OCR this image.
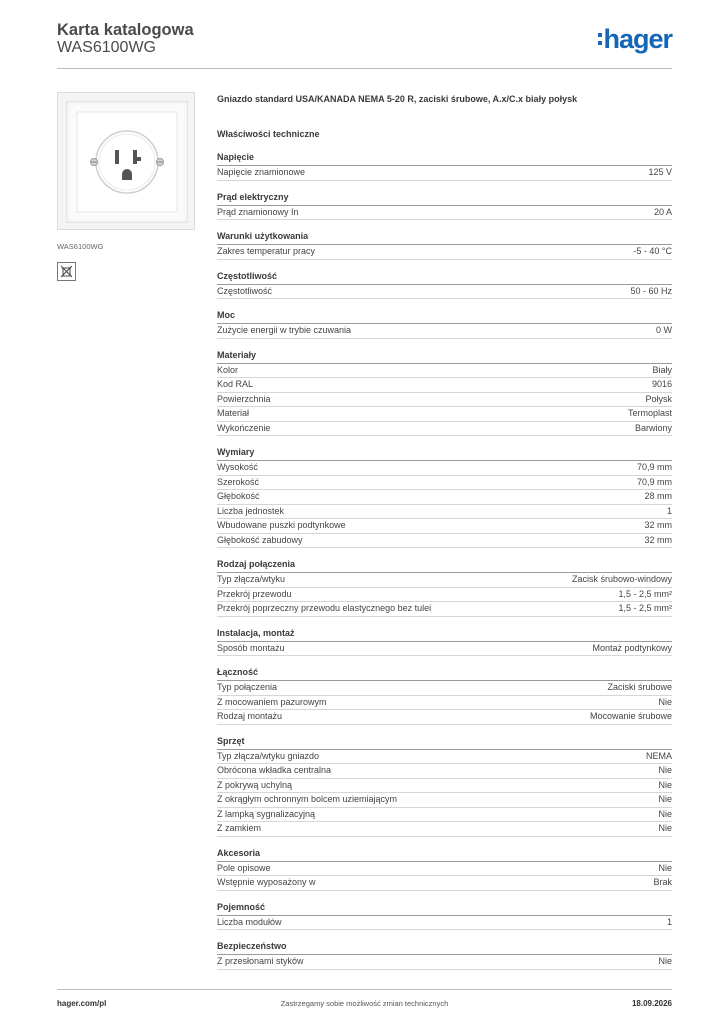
Karta katalogowa
WAS6100WG	hager
WAS6100WG
Gniazdo standard USA/KANADA NEMA 5-20 R, zaciski śrubowe, A.x/C.x biały połysk
Właściwości techniczne
Napięcie
Napięcie znamionowe	125 V
Prąd elektryczny
Prąd znamionowy In	20 A
Warunki użytkowania
Zakres temperatur pracy	-5 - 40 °C
Częstotliwość
Częstotliwość	50 - 60 Hz
Moc
Zużycie energii w trybie czuwania	0 W
Materiały
Kolor	Biały
Kod RAL	9016
Powierzchnia	Połysk
Materiał	Termoplast
Wykończenie	Barwiony
Wymiary
Wysokość	70,9 mm
Szerokość	70,9 mm
Głębokość	28 mm
Liczba jednostek	1
Wbudowane puszki podtynkowe	32 mm
Głębokość zabudowy	32 mm
Rodzaj połączenia
Typ złącza/wtyku	Zacisk śrubowo-windowy
Przekrój przewodu	1,5 - 2,5 mm²
Przekrój poprzeczny przewodu elastycznego bez tulei	1,5 - 2,5 mm²
Instalacja, montaż
Sposób montażu	Montaż podtynkowy
Łączność
Typ połączenia	Zaciski śrubowe
Z mocowaniem pazurowym	Nie
Rodzaj montażu	Mocowanie śrubowe
Sprzęt
Typ złącza/wtyku gniazdo	NEMA
Obrócona wkładka centralna	Nie
Z pokrywą uchylną	Nie
Z okrągłym ochronnym bolcem uziemiającym	Nie
Z lampką sygnalizacyjną	Nie
Z zamkiem	Nie
Akcesoria
Pole opisowe	Nie
Wstępnie wyposażony w	Brak
Pojemność
Liczba modułów	1
Bezpieczeństwo
Z przesłonami styków	Nie
hager.com/pl	Zastrzegamy sobie możliwość zmian technicznych	18.09.2026
